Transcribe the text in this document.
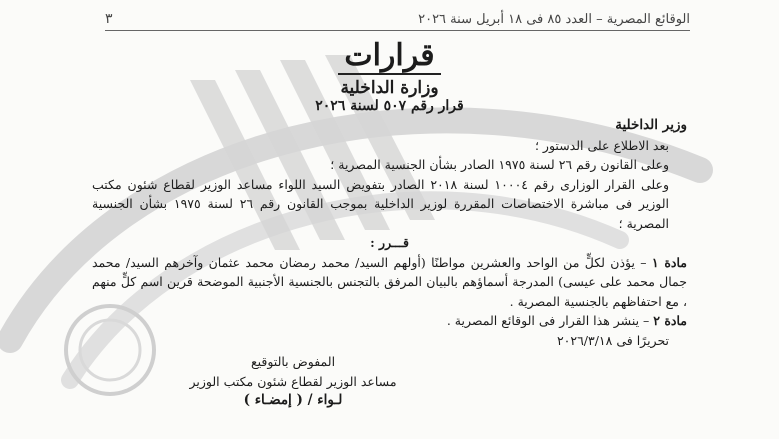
الوقائع المصرية – العدد ٨٥ فى ١٨ أبريل سنة ٢٠٢٦
٣
قرارات
وزارة الداخلية
قرار رقم ٥٠٧ لسنة ٢٠٢٦

وزير الداخلية

بعد الاطلاع على الدستور ؛

وعلى القانون رقم ٢٦ لسنة ١٩٧٥ الصادر بشأن الجنسية المصرية ؛

وعلى القرار الوزارى رقم ١٠٠٠٤ لسنة ٢٠١٨ الصادر بتفويض السيد اللواء مساعد الوزير لقطاع شئون مكتب الوزير فى مباشرة الاختصاصات المقررة لوزير الداخلية بموجب القانون رقم ٢٦ لسنة ١٩٧٥ بشأن الجنسية المصرية ؛

قـــرر :

مادة ١ – يؤذن لكلٍّ من الواحد والعشرين مواطنًا (أولهم السيد/ محمد رمضان محمد عثمان وآخرهم السيد/ محمد جمال محمد على عيسى) المدرجة أسماؤهم بالبيان المرفق بالتجنس بالجنسية الأجنبية الموضحة قرين اسم كلٍّ منهم ، مع احتفاظهم بالجنسية المصرية .

مادة ٢ – ينشر هذا القرار فى الوقائع المصرية .

تحريرًا فى ٢٠٢٦/٣/١٨

المفوض بالتوقيع

مساعد الوزير لقطاع شئون مكتب الوزير

لـواء / ( إمضـاء )
